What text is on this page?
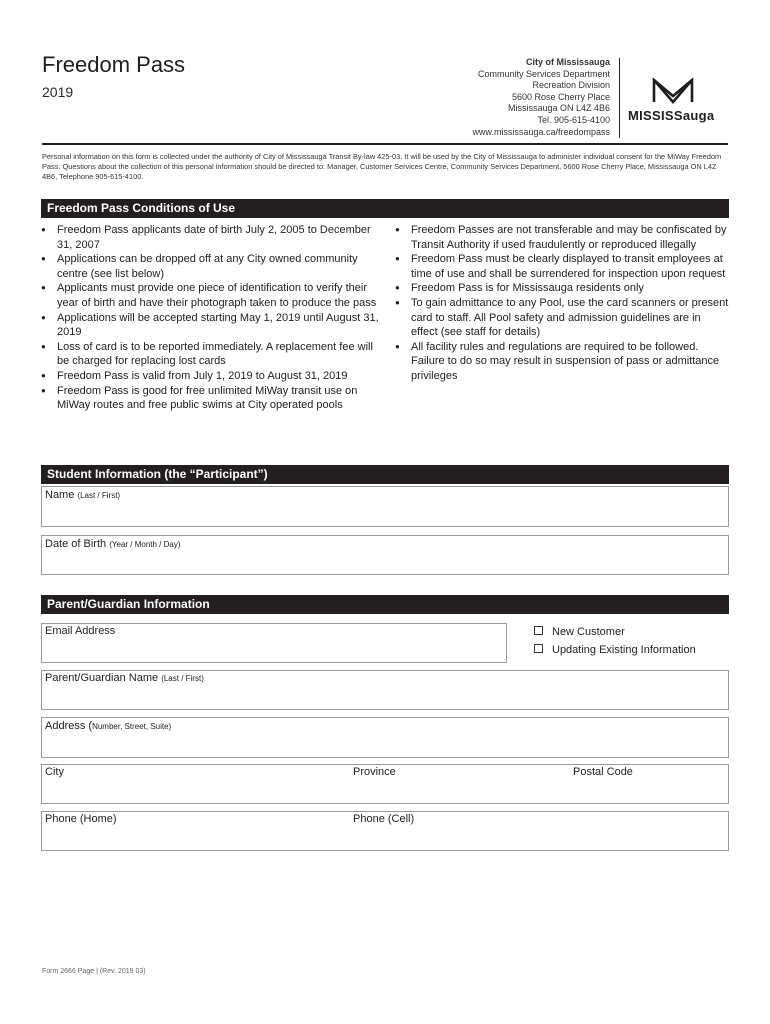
Freedom Pass
2019
City of Mississauga
Community Services Department
Recreation Division
5600 Rose Cherry Place
Mississauga ON L4Z 4B6
Tel. 905-615-4100
www.mississauga.ca/freedompass
MISSISSauga
Personal information on this form is collected under the authority of City of Mississauga Transit By-law 425-03. It will be used by the City of Mississauga to administer individual consent for the MiWay Freedom Pass. Questions about the collection of this personal information should be directed to: Manager, Customer Services Centre, Community Services Department, 5600 Rose Cherry Place, Mississauga ON L4Z 4B6, Telephone 905-615-4100.
Freedom Pass Conditions of Use
● Freedom Pass applicants date of birth July 2, 2005 to December 31, 2007
● Applications can be dropped off at any City owned community centre (see list below)
● Applicants must provide one piece of identification to verify their year of birth and have their photograph taken to produce the pass
● Applications will be accepted starting May 1, 2019 until August 31, 2019
● Loss of card is to be reported immediately. A replacement fee will be charged for replacing lost cards
● Freedom Pass is valid from July 1, 2019 to August 31, 2019
● Freedom Pass is good for free unlimited MiWay transit use on MiWay routes and free public swims at City operated pools
● Freedom Passes are not transferable and may be confiscated by Transit Authority if used fraudulently or reproduced illegally
● Freedom Pass must be clearly displayed to transit employees at time of use and shall be surrendered for inspection upon request
● Freedom Pass is for Mississauga residents only
● To gain admittance to any Pool, use the card scanners or present card to staff. All Pool safety and admission guidelines are in effect (see staff for details)
● All facility rules and regulations are required to be followed. Failure to do so may result in suspension of pass or admittance privileges
Student Information (the “Participant”)
Name (Last / First)
Date of Birth (Year / Month / Day)
Parent/Guardian Information
Email Address	New Customer
Updating Existing Information
Parent/Guardian Name (Last / First)
Address (Number, Street, Suite)
City	Province	Postal Code
Phone (Home)	Phone (Cell)
Form 2666 Page | (Rev. 2019 03)
